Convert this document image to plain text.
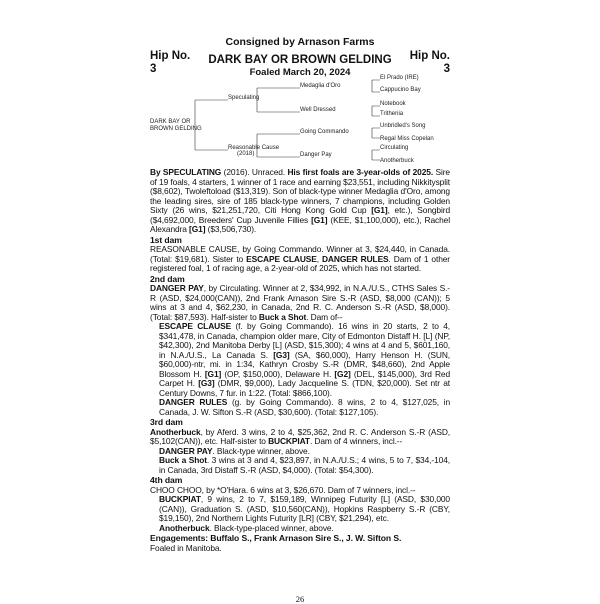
Consigned by Arnason Farms
Hip No.
3
Hip No.
3
DARK BAY OR BROWN GELDING
Foaled March 20, 2024
DARK BAY OR
BROWN GELDING
Speculating
Reasonable Cause
(2018)
Medaglia d'Oro
Well Dressed
Going Commando
Danger Pay
El Prado (IRE)
Cappucino Bay
Notebook
Trithenia
Unbridled's Song
Regal Miss Copelan
Circulating
Anotherbuck

By SPECULATING (2016). Unraced. His first foals are 3-year-olds of 2025. Sire of 19 foals, 4 starters, 1 winner of 1 race and earning $23,551, including Nikkitysplit ($8,602), Twoleftoload ($13,319). Son of black-type winner Medaglia d'Oro, among the leading sires, sire of 185 black-type winners, 7 champions, including Golden Sixty (26 wins, $21,251,720, Citi Hong Kong Gold Cup [G1], etc.), Songbird ($4,692,000, Breeders' Cup Juvenile Fillies [G1] (KEE, $1,100,000), etc.), Rachel Alexandra [G1] ($3,506,730).

1st dam

REASONABLE CAUSE, by Going Commando. Winner at 3, $24,440, in Canada. (Total: $19,681). Sister to ESCAPE CLAUSE, DANGER RULES. Dam of 1 other registered foal, 1 of racing age, a 2-year-old of 2025, which has not started.

2nd dam

DANGER PAY, by Circulating. Winner at 2, $34,992, in N.A./U.S., CTHS Sales S.-R (ASD, $24,000(CAN)), 2nd Frank Arnason Sire S.-R (ASD, $8,000 (CAN)); 5 wins at 3 and 4, $62,230, in Canada, 2nd R. C. Anderson S.-R (ASD, $8,000). (Total: $87,593). Half-sister to Buck a Shot. Dam of--

ESCAPE CLAUSE (f. by Going Commando). 16 wins in 20 starts, 2 to 4, $341,478, in Canada, champion older mare, City of Edmonton Distaff H. [L] (NP, $42,300), 2nd Manitoba Derby [L] (ASD, $15,300); 4 wins at 4 and 5, $601,160, in N.A./U.S., La Canada S. [G3] (SA, $60,000), Harry Henson H. (SUN, $60,000)-ntr, mi. in 1:34, Kathryn Crosby S.-R (DMR, $48,660), 2nd Apple Blossom H. [G1] (OP, $150,000), Delaware H. [G2] (DEL, $145,000), 3rd Red Carpet H. [G3] (DMR, $9,000), Lady Jacqueline S. (TDN, $20,000). Set ntr at Century Downs, 7 fur. in 1:22. (Total: $866,100).

DANGER RULES (g. by Going Commando). 8 wins, 2 to 4, $127,025, in Canada, J. W. Sifton S.-R (ASD, $30,600). (Total: $127,105).

3rd dam

Anotherbuck, by Aferd. 3 wins, 2 to 4, $25,362, 2nd R. C. Anderson S.-R (ASD, $5,102(CAN)), etc. Half-sister to BUCKPIAT. Dam of 4 winners, incl.--

DANGER PAY. Black-type winner, above.

Buck a Shot. 3 wins at 3 and 4, $23,897, in N.A./U.S.; 4 wins, 5 to 7, $34,-104, in Canada, 3rd Distaff S.-R (ASD, $4,000). (Total: $54,300).

4th dam

CHOO CHOO, by *O'Hara. 6 wins at 3, $26,670. Dam of 7 winners, incl.--

BUCKPIAT, 9 wins, 2 to 7, $159,189, Winnipeg Futurity [L] (ASD, $30,000 (CAN)), Graduation S. (ASD, $10,560(CAN)), Hopkins Raspberry S.-R (CBY, $19,150), 2nd Northern Lights Futurity [LR] (CBY, $21,294), etc.

Anotherbuck. Black-type-placed winner, above.

Engagements: Buffalo S., Frank Arnason Sire S., J. W. Sifton S.

Foaled in Manitoba.

26
